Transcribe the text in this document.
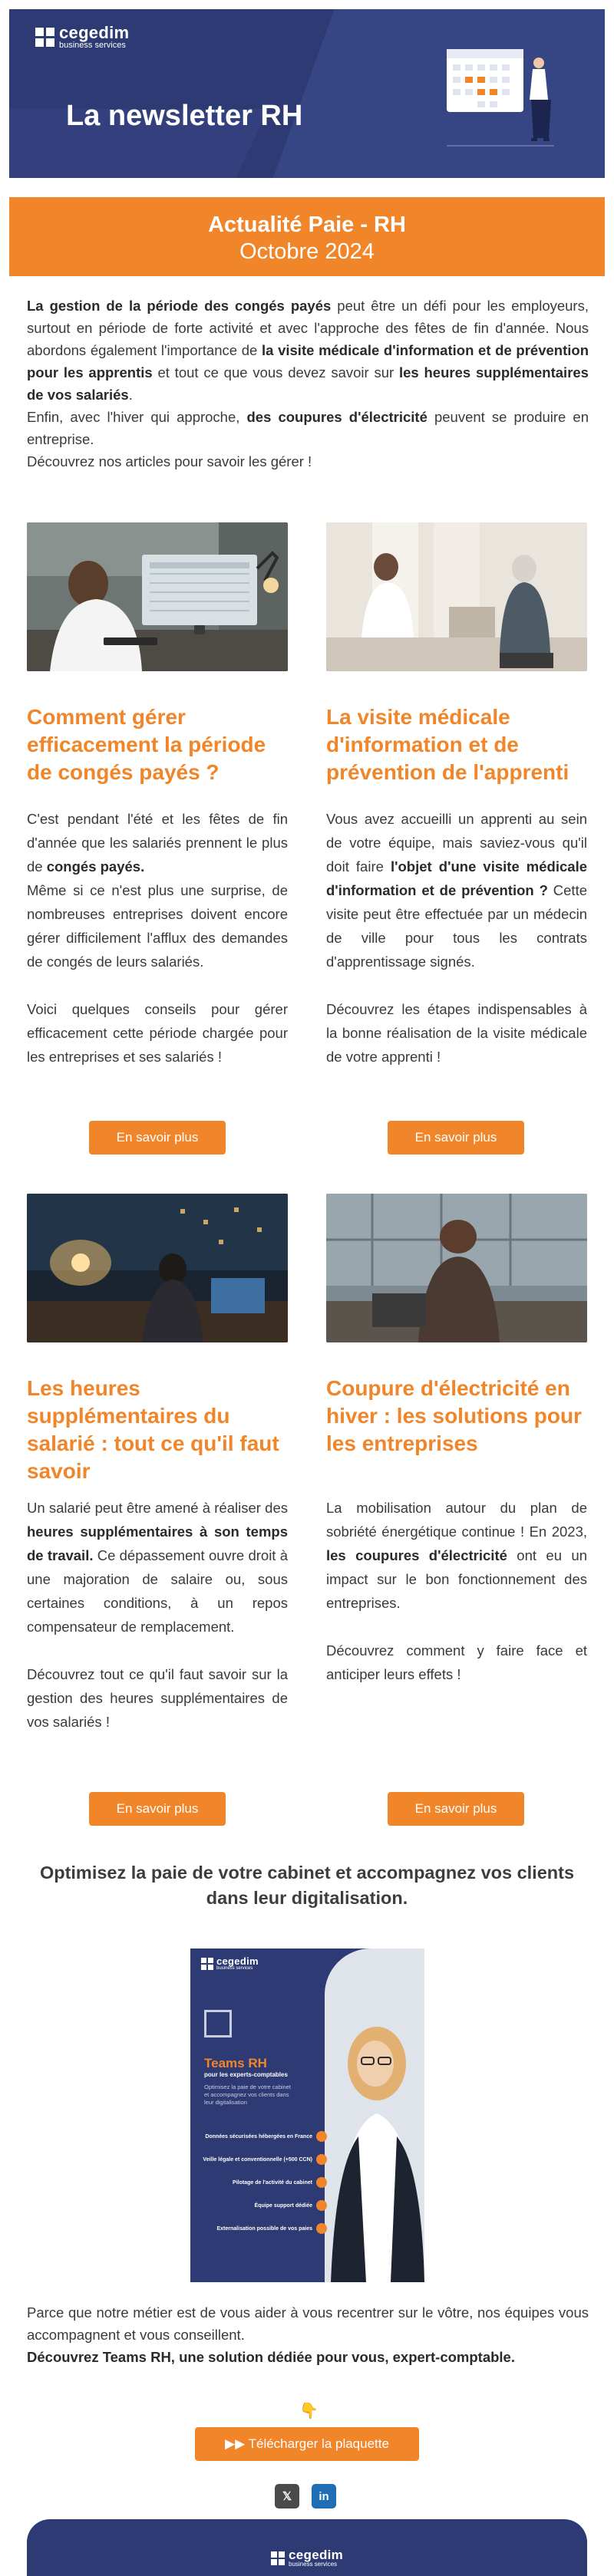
cegedim
business services
La newsletter RH
Actualité Paie - RH
Octobre 2024
La gestion de la période des congés payés peut être un défi pour les employeurs, surtout en période de forte activité et avec l'approche des fêtes de fin d'année. Nous abordons également l'importance de la visite médicale d'information et de prévention pour les apprentis et tout ce que vous devez savoir sur les heures supplémentaires de vos salariés.
Enfin, avec l'hiver qui approche, des coupures d'électricité peuvent se produire en entreprise.
Découvrez nos articles pour savoir les gérer !
Comment gérer efficacement la période de congés payés ?
C'est pendant l'été et les fêtes de fin d'année que les salariés prennent le plus de congés payés.
Même si ce n'est plus une surprise, de nombreuses entreprises doivent encore gérer difficilement l'afflux des demandes de congés de leurs salariés.
Voici quelques conseils pour gérer efficacement cette période chargée pour les entreprises et ses salariés !
En savoir plus
La visite médicale d'information et de prévention de l'apprenti
Vous avez accueilli un apprenti au sein de votre équipe, mais saviez-vous qu'il doit faire l'objet d'une visite médicale d'information et de prévention ? Cette visite peut être effectuée par un médecin de ville pour tous les contrats d'apprentissage signés.
Découvrez les étapes indispensables à la bonne réalisation de la visite médicale de votre apprenti !
En savoir plus
Les heures supplémentaires du salarié : tout ce qu'il faut savoir
Un salarié peut être amené à réaliser des heures supplémentaires à son temps de travail. Ce dépassement ouvre droit à une majoration de salaire ou, sous certaines conditions, à un repos compensateur de remplacement.
Découvrez tout ce qu'il faut savoir sur la gestion des heures supplémentaires de vos salariés !
En savoir plus
Coupure d'électricité en hiver : les solutions pour les entreprises
La mobilisation autour du plan de sobriété énergétique continue ! En 2023, les coupures d'électricité ont eu un impact sur le bon fonctionnement des entreprises.
Découvrez comment y faire face et anticiper leurs effets !
En savoir plus
Optimisez la paie de votre cabinet et accompagnez vos clients dans leur digitalisation.
cegedim
business services
Teams RH
pour les experts-comptables
Optimisez la paie de votre cabinet et accompagnez vos clients dans leur digitalisation
Données sécurisées hébergées en France
Veille légale et conventionnelle (+500 CCN)
Pilotage de l'activité du cabinet
Équipe support dédiée
Externalisation possible de vos paies
Parce que notre métier est de vous aider à vous recentrer sur le vôtre, nos équipes vous accompagnent et vous conseillent.
Découvrez Teams RH, une solution dédiée pour vous, expert-comptable.
👇
▶▶ Télécharger la plaquette
𝕏	in
cegedim
business services
